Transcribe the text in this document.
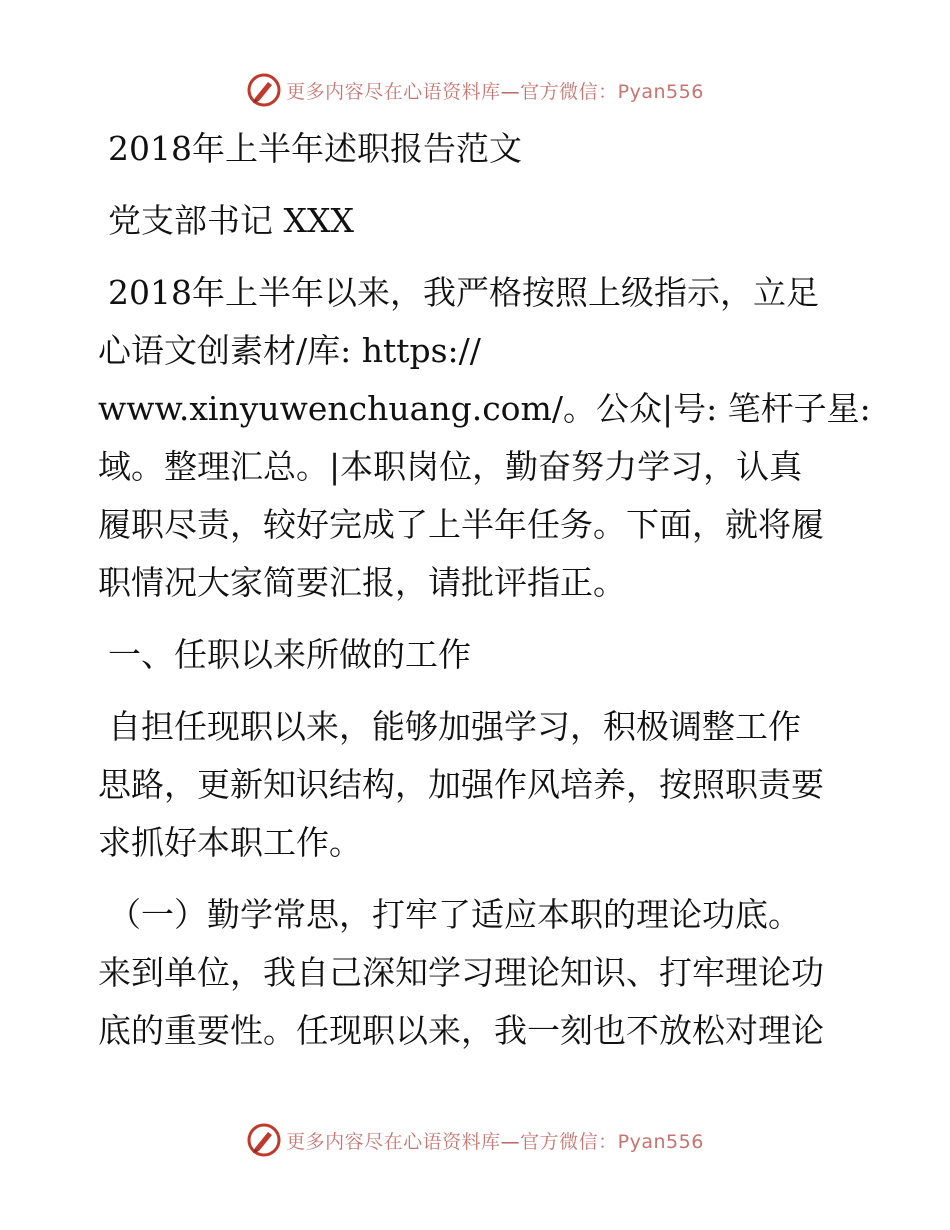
更多内容尽在心语资料库—官方微信：Pyan556
2018年上半年述职报告范文
党支部书记 XXX
2018年上半年以来，我严格按照上级指示，立足
心语文创素材/库: https://
www.xinyuwenchuang.com/。公众|号: 笔杆子星:
域。整理汇总。|本职岗位，勤奋努力学习，认真
履职尽责，较好完成了上半年任务。下面，就将履
职情况大家简要汇报，请批评指正。
一、任职以来所做的工作
自担任现职以来，能够加强学习，积极调整工作
思路，更新知识结构，加强作风培养，按照职责要
求抓好本职工作。
（一）勤学常思，打牢了适应本职的理论功底。
来到单位，我自己深知学习理论知识、打牢理论功
底的重要性。任现职以来，我一刻也不放松对理论
更多内容尽在心语资料库—官方微信：Pyan556
